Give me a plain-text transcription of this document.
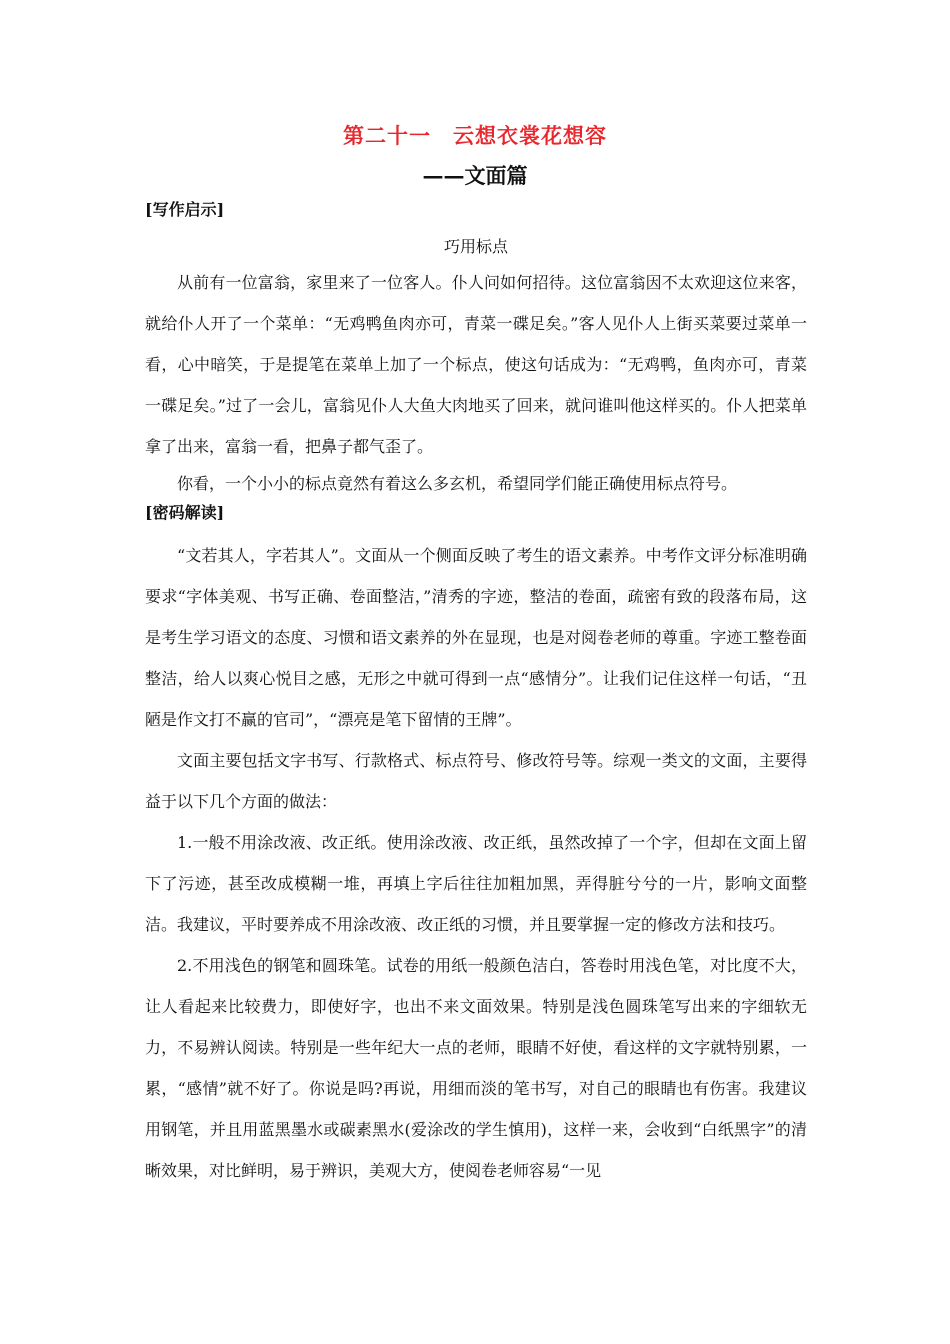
第二十一　云想衣裳花想容
——文面篇
[写作启示]
巧用标点

从前有一位富翁，家里来了一位客人。仆人问如何招待。这位富翁因不太欢迎这位来客，就给仆人开了一个菜单：“无鸡鸭鱼肉亦可，青菜一碟足矣。”客人见仆人上街买菜要过菜单一看，心中暗笑，于是提笔在菜单上加了一个标点，使这句话成为：“无鸡鸭，鱼肉亦可，青菜一碟足矣。”过了一会儿，富翁见仆人大鱼大肉地买了回来，就问谁叫他这样买的。仆人把菜单拿了出来，富翁一看，把鼻子都气歪了。

你看，一个小小的标点竟然有着这么多玄机，希望同学们能正确使用标点符号。

[密码解读]

“文若其人，字若其人”。文面从一个侧面反映了考生的语文素养。中考作文评分标准明确要求“字体美观、书写正确、卷面整洁，”清秀的字迹，整洁的卷面，疏密有致的段落布局，这是考生学习语文的态度、习惯和语文素养的外在显现，也是对阅卷老师的尊重。字迹工整卷面整洁，给人以爽心悦目之感，无形之中就可得到一点“感情分”。让我们记住这样一句话，“丑陋是作文打不赢的官司”，“漂亮是笔下留情的王牌”。

文面主要包括文字书写、行款格式、标点符号、修改符号等。综观一类文的文面，主要得益于以下几个方面的做法：

1.一般不用涂改液、改正纸。使用涂改液、改正纸，虽然改掉了一个字，但却在文面上留下了污迹，甚至改成模糊一堆，再填上字后往往加粗加黑，弄得脏兮兮的一片，影响文面整洁。我建议，平时要养成不用涂改液、改正纸的习惯，并且要掌握一定的修改方法和技巧。

2.不用浅色的钢笔和圆珠笔。试卷的用纸一般颜色洁白，答卷时用浅色笔，对比度不大，让人看起来比较费力，即使好字，也出不来文面效果。特别是浅色圆珠笔写出来的字细软无力，不易辨认阅读。特别是一些年纪大一点的老师，眼睛不好使，看这样的文字就特别累，一累，“感情”就不好了。你说是吗?再说，用细而淡的笔书写，对自己的眼睛也有伤害。我建议用钢笔，并且用蓝黑墨水或碳素黑水(爱涂改的学生慎用)，这样一来，会收到“白纸黑字”的清晰效果，对比鲜明，易于辨识，美观大方，使阅卷老师容易“一见
